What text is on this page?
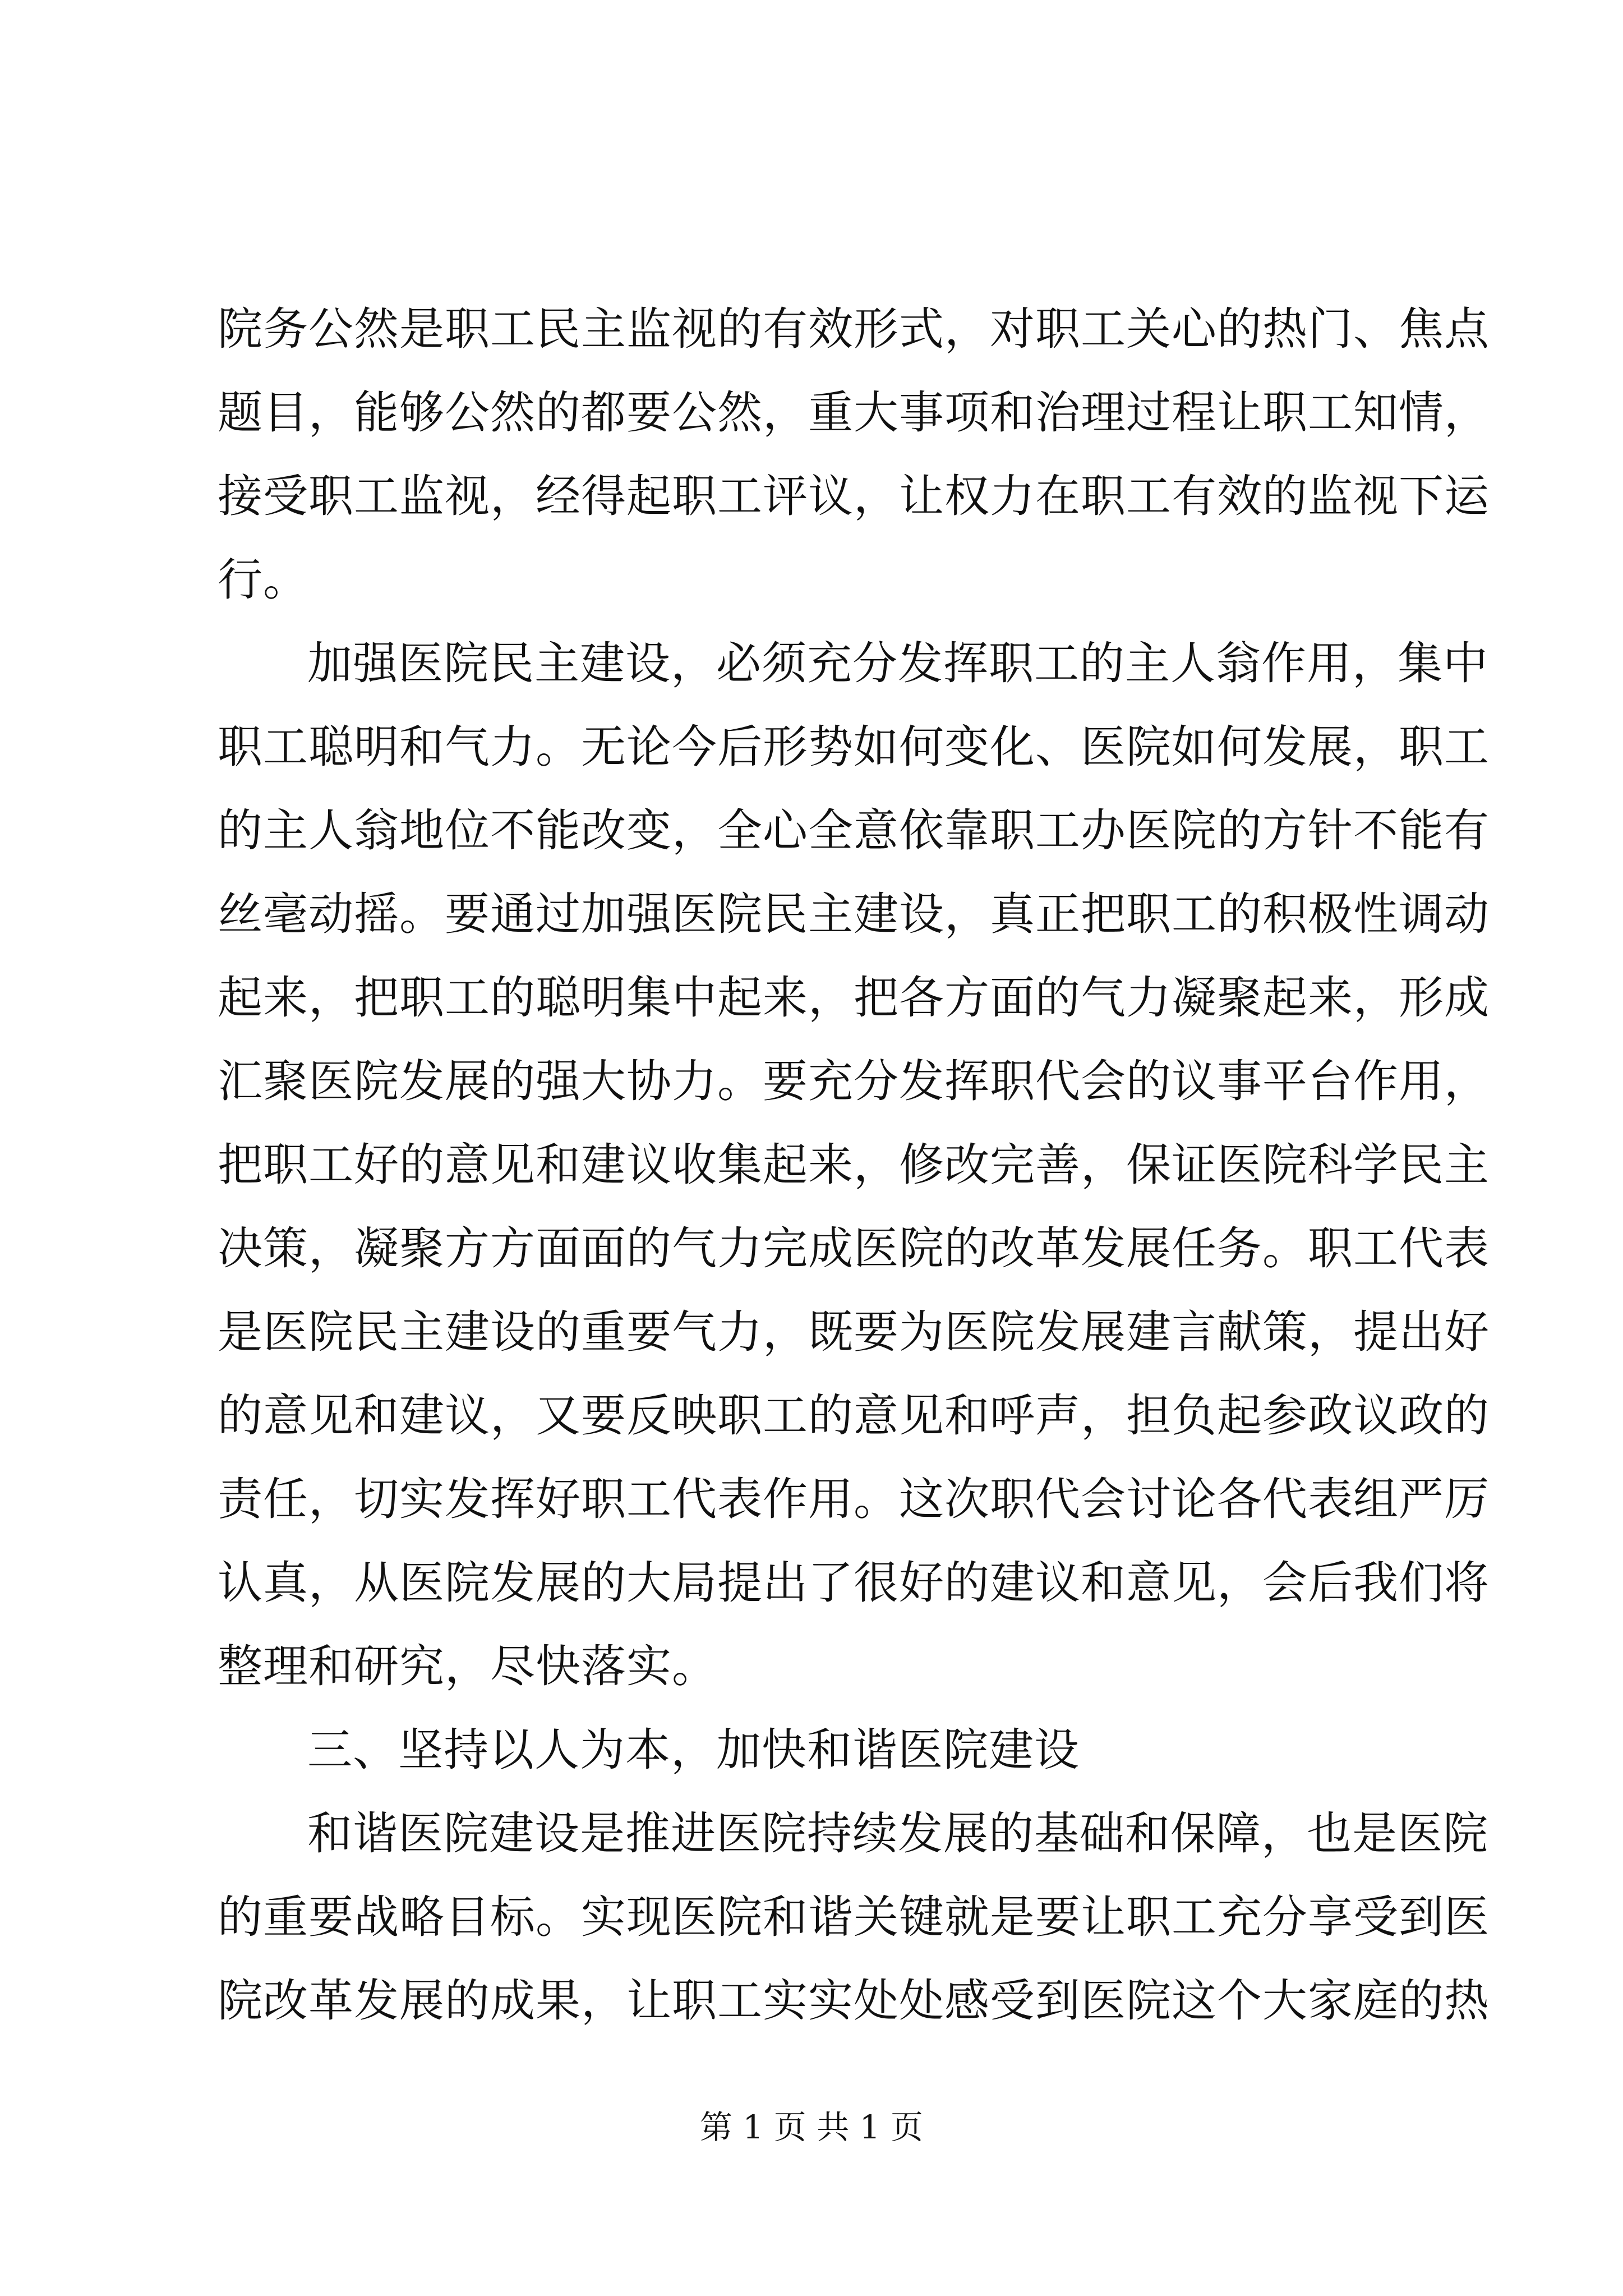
院务公然是职工民主监视的有效形式，对职工关心的热门、焦点
题目，能够公然的都要公然，重大事项和治理过程让职工知情，
接受职工监视，经得起职工评议，让权力在职工有效的监视下运
行。
加强医院民主建设，必须充分发挥职工的主人翁作用，集中
职工聪明和气力。无论今后形势如何变化、医院如何发展，职工
的主人翁地位不能改变，全心全意依靠职工办医院的方针不能有
丝毫动摇。要通过加强医院民主建设，真正把职工的积极性调动
起来，把职工的聪明集中起来，把各方面的气力凝聚起来，形成
汇聚医院发展的强大协力。要充分发挥职代会的议事平台作用，
把职工好的意见和建议收集起来，修改完善，保证医院科学民主
决策，凝聚方方面面的气力完成医院的改革发展任务。职工代表
是医院民主建设的重要气力，既要为医院发展建言献策，提出好
的意见和建议，又要反映职工的意见和呼声，担负起参政议政的
责任，切实发挥好职工代表作用。这次职代会讨论各代表组严厉
认真，从医院发展的大局提出了很好的建议和意见，会后我们将
整理和研究，尽快落实。
三、坚持以人为本，加快和谐医院建设
和谐医院建设是推进医院持续发展的基础和保障，也是医院
的重要战略目标。实现医院和谐关键就是要让职工充分享受到医
院改革发展的成果，让职工实实处处感受到医院这个大家庭的热
第 1 页 共 1 页
